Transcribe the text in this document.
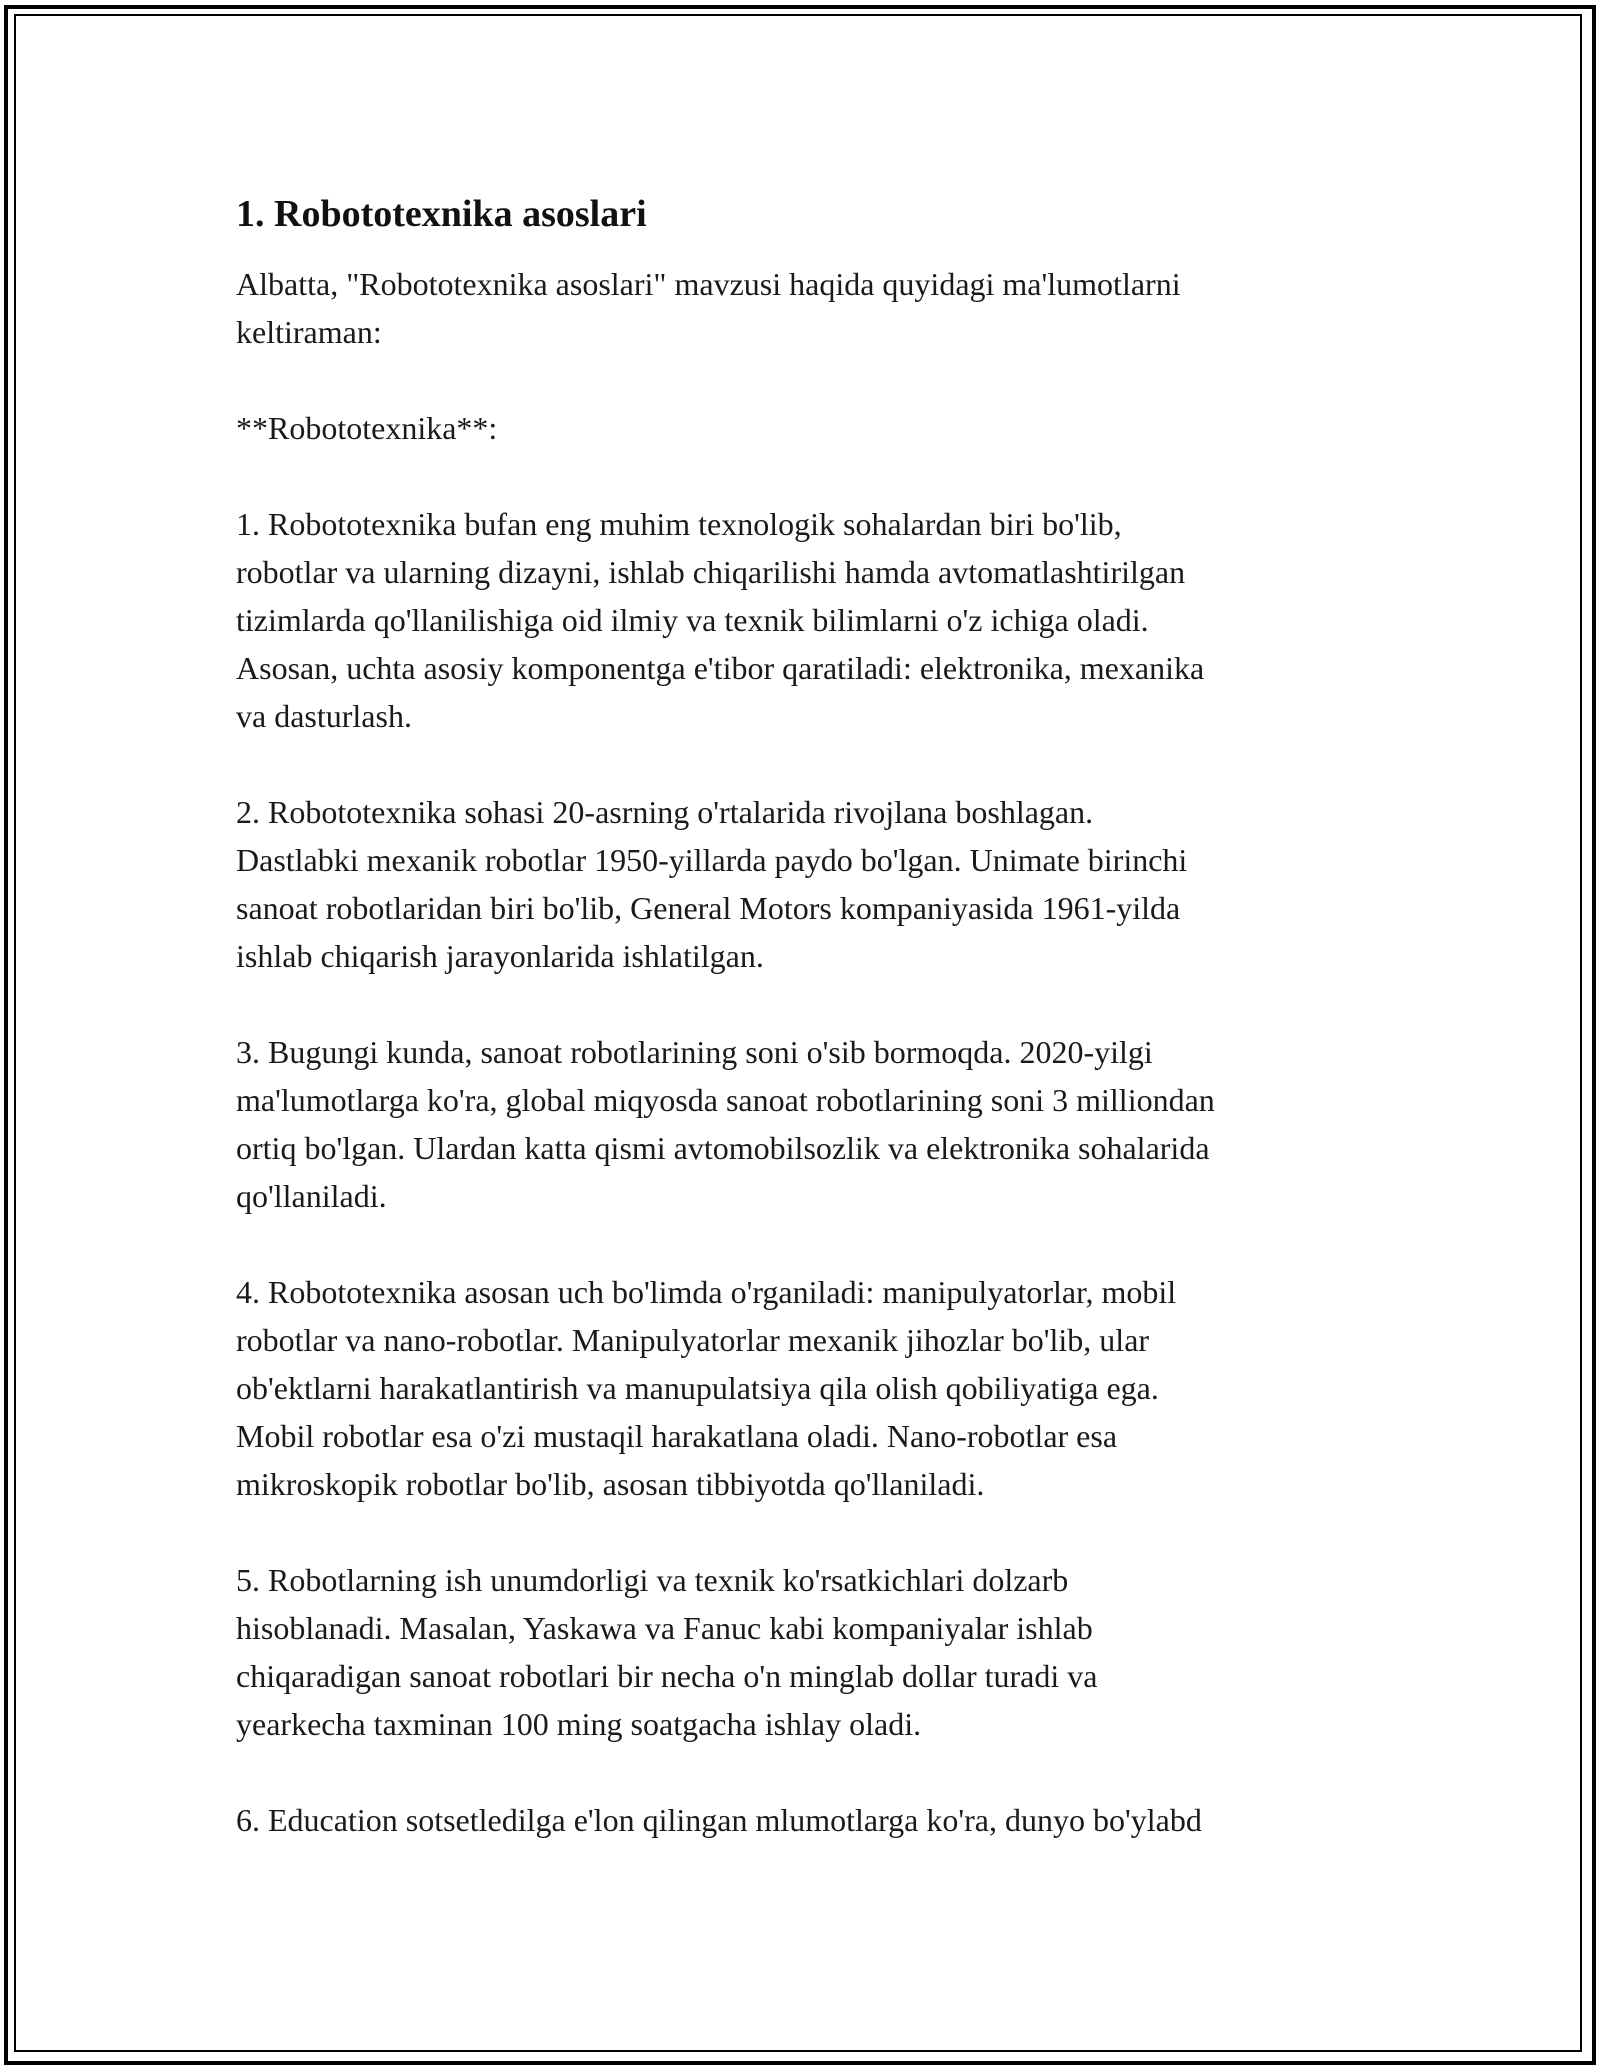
1. Robototexnika asoslari

Albatta, "Robototexnika asoslari" mavzusi haqida quyidagi ma'lumotlarni
keltiraman:

**Robototexnika**:

1. Robototexnika bufan eng muhim texnologik sohalardan biri bo'lib,
robotlar va ularning dizayni, ishlab chiqarilishi hamda avtomatlashtirilgan
tizimlarda qo'llanilishiga oid ilmiy va texnik bilimlarni o'z ichiga oladi.
Asosan, uchta asosiy komponentga e'tibor qaratiladi: elektronika, mexanika
va dasturlash.

2. Robototexnika sohasi 20-asrning o'rtalarida rivojlana boshlagan.
Dastlabki mexanik robotlar 1950-yillarda paydo bo'lgan. Unimate birinchi
sanoat robotlaridan biri bo'lib, General Motors kompaniyasida 1961-yilda
ishlab chiqarish jarayonlarida ishlatilgan.

3. Bugungi kunda, sanoat robotlarining soni o'sib bormoqda. 2020-yilgi
ma'lumotlarga ko'ra, global miqyosda sanoat robotlarining soni 3 milliondan
ortiq bo'lgan. Ulardan katta qismi avtomobilsozlik va elektronika sohalarida
qo'llaniladi.

4. Robototexnika asosan uch bo'limda o'rganiladi: manipulyatorlar, mobil
robotlar va nano-robotlar. Manipulyatorlar mexanik jihozlar bo'lib, ular
ob'ektlarni harakatlantirish va manupulatsiya qila olish qobiliyatiga ega.
Mobil robotlar esa o'zi mustaqil harakatlana oladi. Nano-robotlar esa
mikroskopik robotlar bo'lib, asosan tibbiyotda qo'llaniladi.

5. Robotlarning ish unumdorligi va texnik ko'rsatkichlari dolzarb
hisoblanadi. Masalan, Yaskawa va Fanuc kabi kompaniyalar ishlab
chiqaradigan sanoat robotlari bir necha o'n minglab dollar turadi va
yearkecha taxminan 100 ming soatgacha ishlay oladi.

6. Education sotsetledilga e'lon qilingan mlumotlarga ko'ra, dunyo bo'ylabd
